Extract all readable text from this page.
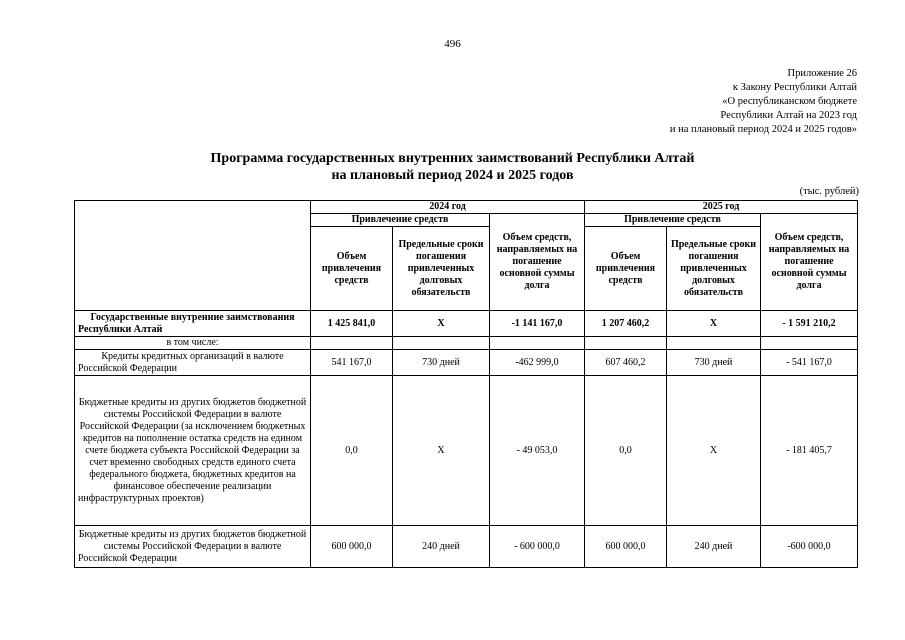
496
Приложение 26
к Закону Республики Алтай
«О республиканском бюджете
Республики Алтай на 2023 год
и на плановый период 2024 и 2025 годов»
Программа государственных внутренних заимствований Республики Алтай
на плановый период 2024 и 2025 годов
(тыс. рублей)
	2024 год			2025 год		
	Привлечение средств		Объем средств, направляемых на погашение основной суммы долга	Привлечение средств		Объем средств, направляемых на погашение основной суммы долга
	Объем привлечения средств	Предельные сроки погашения привлеченных долговых обязательств		Объем привлечения средств	Предельные сроки погашения привлеченных долговых обязательств	
Государственные внутренние заимствования Республики Алтай	1 425 841,0	Х	-1 141 167,0	1 207 460,2	Х	- 1 591 210,2
в том числе:						
Кредиты кредитных организаций в валюте Российской Федерации	541 167,0	730 дней	-462 999,0	607 460,2	730 дней	- 541 167,0
Бюджетные кредиты из других бюджетов бюджетной системы Российской Федерации в валюте Российской Федерации (за исключением бюджетных кредитов на пополнение остатка средств на едином счете бюджета субъекта Российской Федерации за счет временно свободных средств единого счета федерального бюджета, бюджетных кредитов на финансовое обеспечение реализации инфраструктурных проектов)	0,0	Х	- 49 053,0	0,0	Х	- 181 405,7
Бюджетные кредиты из других бюджетов бюджетной системы Российской Федерации в валюте Российской Федерации	600 000,0	240 дней	- 600 000,0	600 000,0	240 дней	-600 000,0
